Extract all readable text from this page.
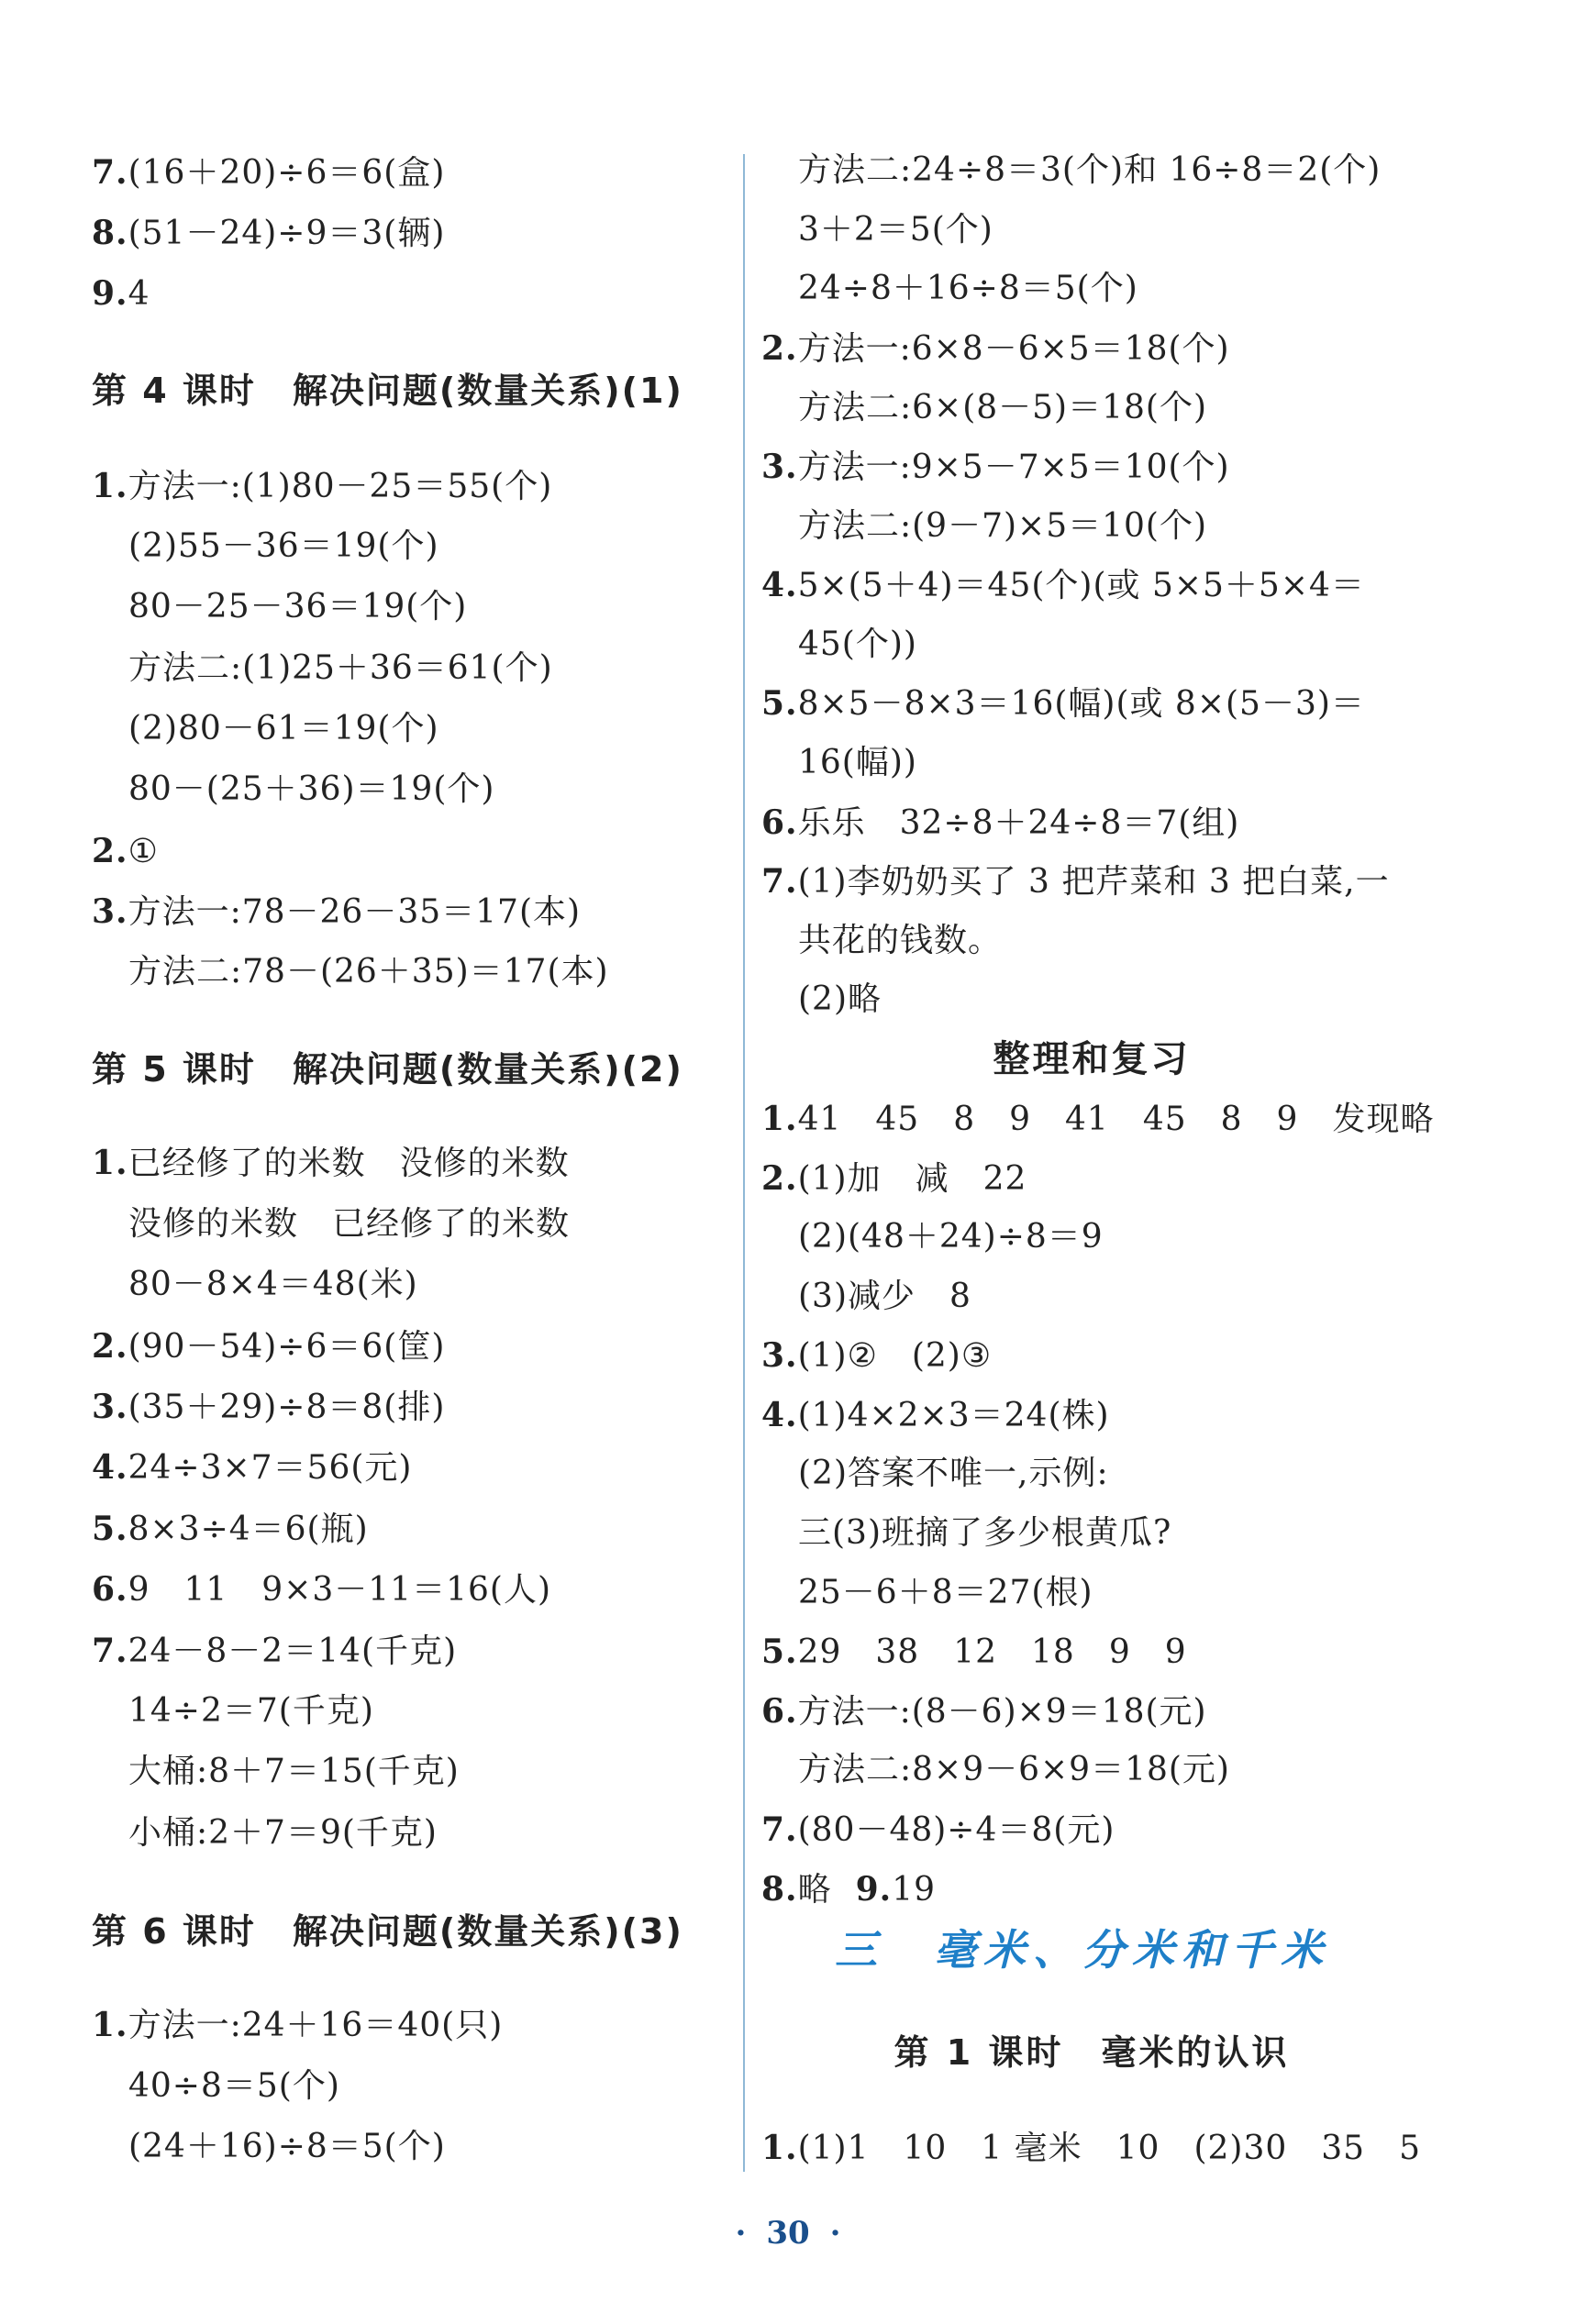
7.(16＋20)÷6＝6(盒)
8.(51－24)÷9＝3(辆)
9.4
第 4 课时　解决问题(数量关系)(1)
1.方法一:(1)80－25＝55(个)
(2)55－36＝19(个)
80－25－36＝19(个)
方法二:(1)25＋36＝61(个)
(2)80－61＝19(个)
80－(25＋36)＝19(个)
2.①
3.方法一:78－26－35＝17(本)
方法二:78－(26＋35)＝17(本)
第 5 课时　解决问题(数量关系)(2)
1.已经修了的米数　没修的米数
没修的米数　已经修了的米数
80－8×4＝48(米)
2.(90－54)÷6＝6(筐)
3.(35＋29)÷8＝8(排)
4.24÷3×7＝56(元)
5.8×3÷4＝6(瓶)
6.9　11　9×3－11＝16(人)
7.24－8－2＝14(千克)
14÷2＝7(千克)
大桶:8＋7＝15(千克)
小桶:2＋7＝9(千克)
第 6 课时　解决问题(数量关系)(3)
1.方法一:24＋16＝40(只)
40÷8＝5(个)
(24＋16)÷8＝5(个)
方法二:24÷8＝3(个)和 16÷8＝2(个)
3＋2＝5(个)
24÷8＋16÷8＝5(个)
2.方法一:6×8－6×5＝18(个)
方法二:6×(8－5)＝18(个)
3.方法一:9×5－7×5＝10(个)
方法二:(9－7)×5＝10(个)
4.5×(5＋4)＝45(个)(或 5×5＋5×4＝
45(个))
5.8×5－8×3＝16(幅)(或 8×(5－3)＝
16(幅))
6.乐乐　32÷8＋24÷8＝7(组)
7.(1)李奶奶买了 3 把芹菜和 3 把白菜,一
共花的钱数。
(2)略
整理和复习
1.41　45　8　9　41　45　8　9　发现略
2.(1)加　减　22
(2)(48＋24)÷8＝9
(3)减少　8
3.(1)②　(2)③
4.(1)4×2×3＝24(株)
(2)答案不唯一,示例:
三(3)班摘了多少根黄瓜?
25－6＋8＝27(根)
5.29　38　12　18　9　9
6.方法一:(8－6)×9＝18(元)
方法二:8×9－6×9＝18(元)
7.(80－48)÷4＝8(元)
8.略 9.19
三　毫米、分米和千米
第 1 课时　毫米的认识
1.(1)1　10　1 毫米　10　(2)30　35　5
· 30 ·
